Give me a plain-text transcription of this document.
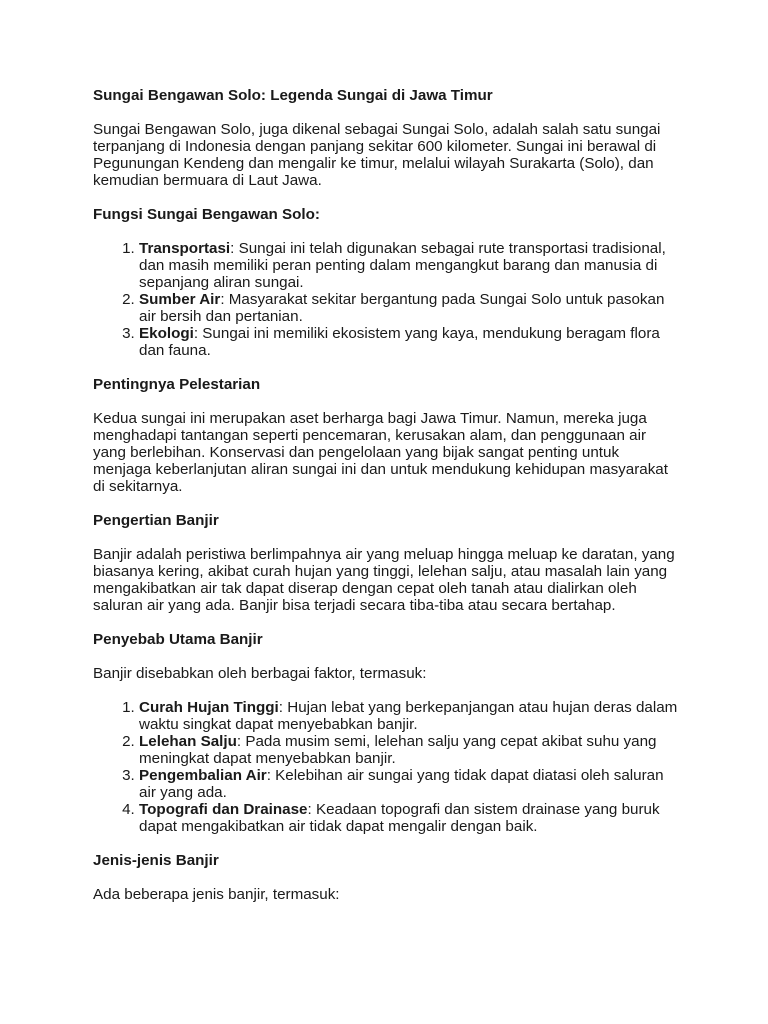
Sungai Bengawan Solo: Legenda Sungai di Jawa Timur

Sungai Bengawan Solo, juga dikenal sebagai Sungai Solo, adalah salah satu sungai terpanjang di Indonesia dengan panjang sekitar 600 kilometer. Sungai ini berawal di Pegunungan Kendeng dan mengalir ke timur, melalui wilayah Surakarta (Solo), dan kemudian bermuara di Laut Jawa.

Fungsi Sungai Bengawan Solo:
1. Transportasi: Sungai ini telah digunakan sebagai rute transportasi tradisional, dan masih memiliki peran penting dalam mengangkut barang dan manusia di sepanjang aliran sungai.
2. Sumber Air: Masyarakat sekitar bergantung pada Sungai Solo untuk pasokan air bersih dan pertanian.
3. Ekologi: Sungai ini memiliki ekosistem yang kaya, mendukung beragam flora dan fauna.
Pentingnya Pelestarian

Kedua sungai ini merupakan aset berharga bagi Jawa Timur. Namun, mereka juga menghadapi tantangan seperti pencemaran, kerusakan alam, dan penggunaan air yang berlebihan. Konservasi dan pengelolaan yang bijak sangat penting untuk menjaga keberlanjutan aliran sungai ini dan untuk mendukung kehidupan masyarakat di sekitarnya.

Pengertian Banjir

Banjir adalah peristiwa berlimpahnya air yang meluap hingga meluap ke daratan, yang biasanya kering, akibat curah hujan yang tinggi, lelehan salju, atau masalah lain yang mengakibatkan air tak dapat diserap dengan cepat oleh tanah atau dialirkan oleh saluran air yang ada. Banjir bisa terjadi secara tiba-tiba atau secara bertahap.

Penyebab Utama Banjir

Banjir disebabkan oleh berbagai faktor, termasuk:

1. Curah Hujan Tinggi: Hujan lebat yang berkepanjangan atau hujan deras dalam waktu singkat dapat menyebabkan banjir.
2. Lelehan Salju: Pada musim semi, lelehan salju yang cepat akibat suhu yang meningkat dapat menyebabkan banjir.
3. Pengembalian Air: Kelebihan air sungai yang tidak dapat diatasi oleh saluran air yang ada.
4. Topografi dan Drainase: Keadaan topografi dan sistem drainase yang buruk dapat mengakibatkan air tidak dapat mengalir dengan baik.
Jenis-jenis Banjir

Ada beberapa jenis banjir, termasuk:
